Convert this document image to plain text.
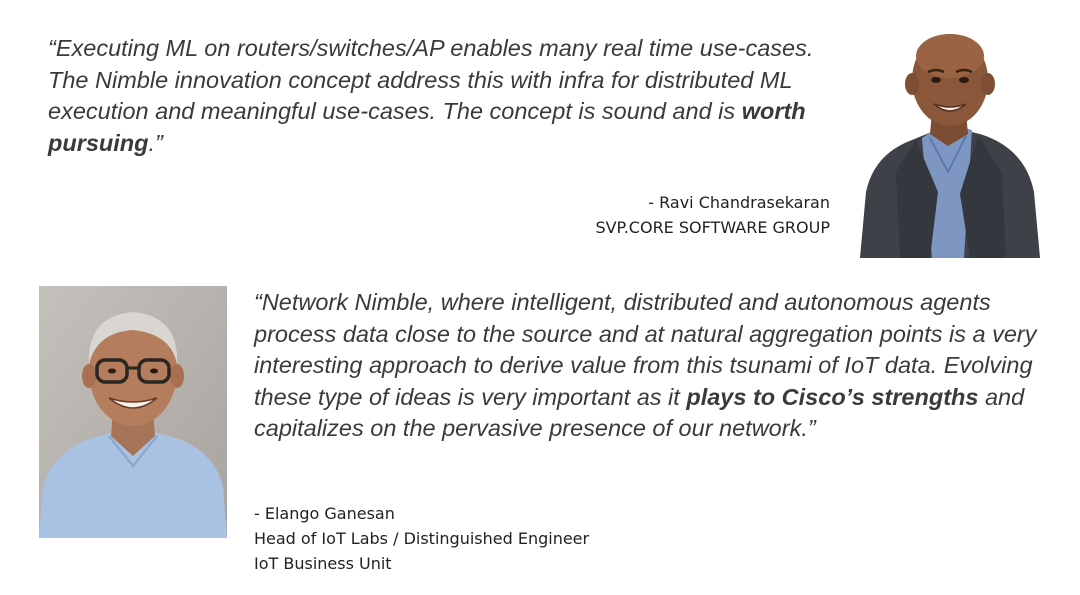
“Executing ML on routers/switches/AP enables many real time use-cases. The Nimble innovation concept address this with infra for distributed ML execution and meaningful use-cases. The concept is sound and is worth pursuing.”

- Ravi Chandrasekaran
SVP.CORE SOFTWARE GROUP

“Network Nimble, where intelligent, distributed and autonomous agents process data close to the source and at natural aggregation points is a very interesting approach to derive value from this tsunami of IoT data. Evolving these type of ideas is very important as it plays to Cisco’s strengths and capitalizes on the pervasive presence of our network.”

- Elango Ganesan
Head of IoT Labs / Distinguished Engineer
IoT Business Unit
